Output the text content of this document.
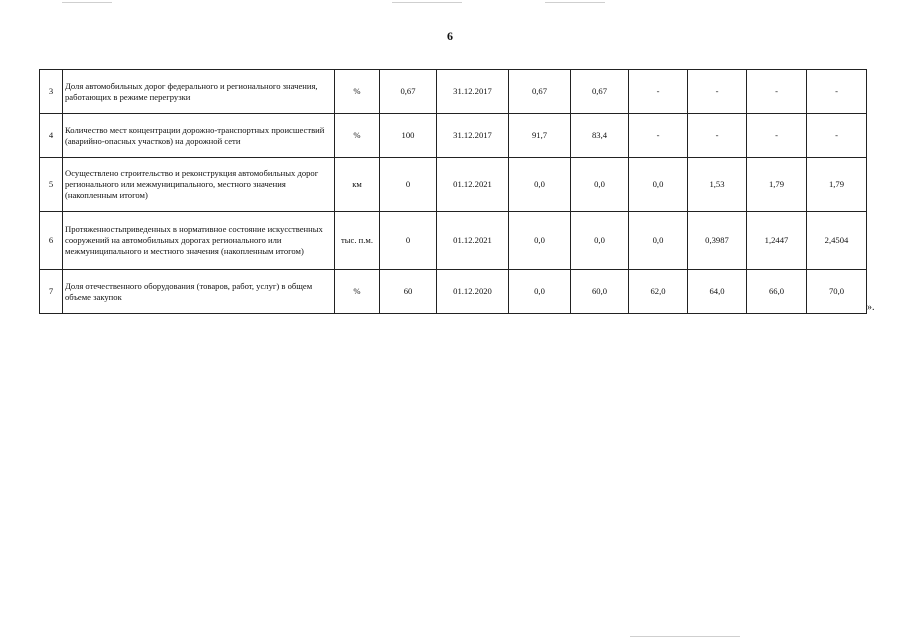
6
3	Доля автомобильных дорог федерального и регионального значения, работающих в режиме перегрузки	%	0,67	31.12.2017	0,67	0,67	-	-	-	-
4	Количество мест концентрации дорожно-транспортных происшествий (аварийно-опасных участков) на дорожной сети	%	100	31.12.2017	91,7	83,4	-	-	-	-
5	Осуществлено строительство и реконструкция автомобильных дорог регионального или межмуниципального, местного значения (накопленным итогом)	км	0	01.12.2021	0,0	0,0	0,0	1,53	1,79	1,79
6	Протяженностьприведенных в нормативное состояние искусственных сооружений на автомобильных дорогах регионального или межмуниципального и местного значения (накопленным итогом)	тыс. п.м.	0	01.12.2021	0,0	0,0	0,0	0,3987	1,2447	2,4504
7	Доля отечественного оборудования (товаров, работ, услуг) в общем объеме закупок	%	60	01.12.2020	0,0	60,0	62,0	64,0	66,0	70,0
».
